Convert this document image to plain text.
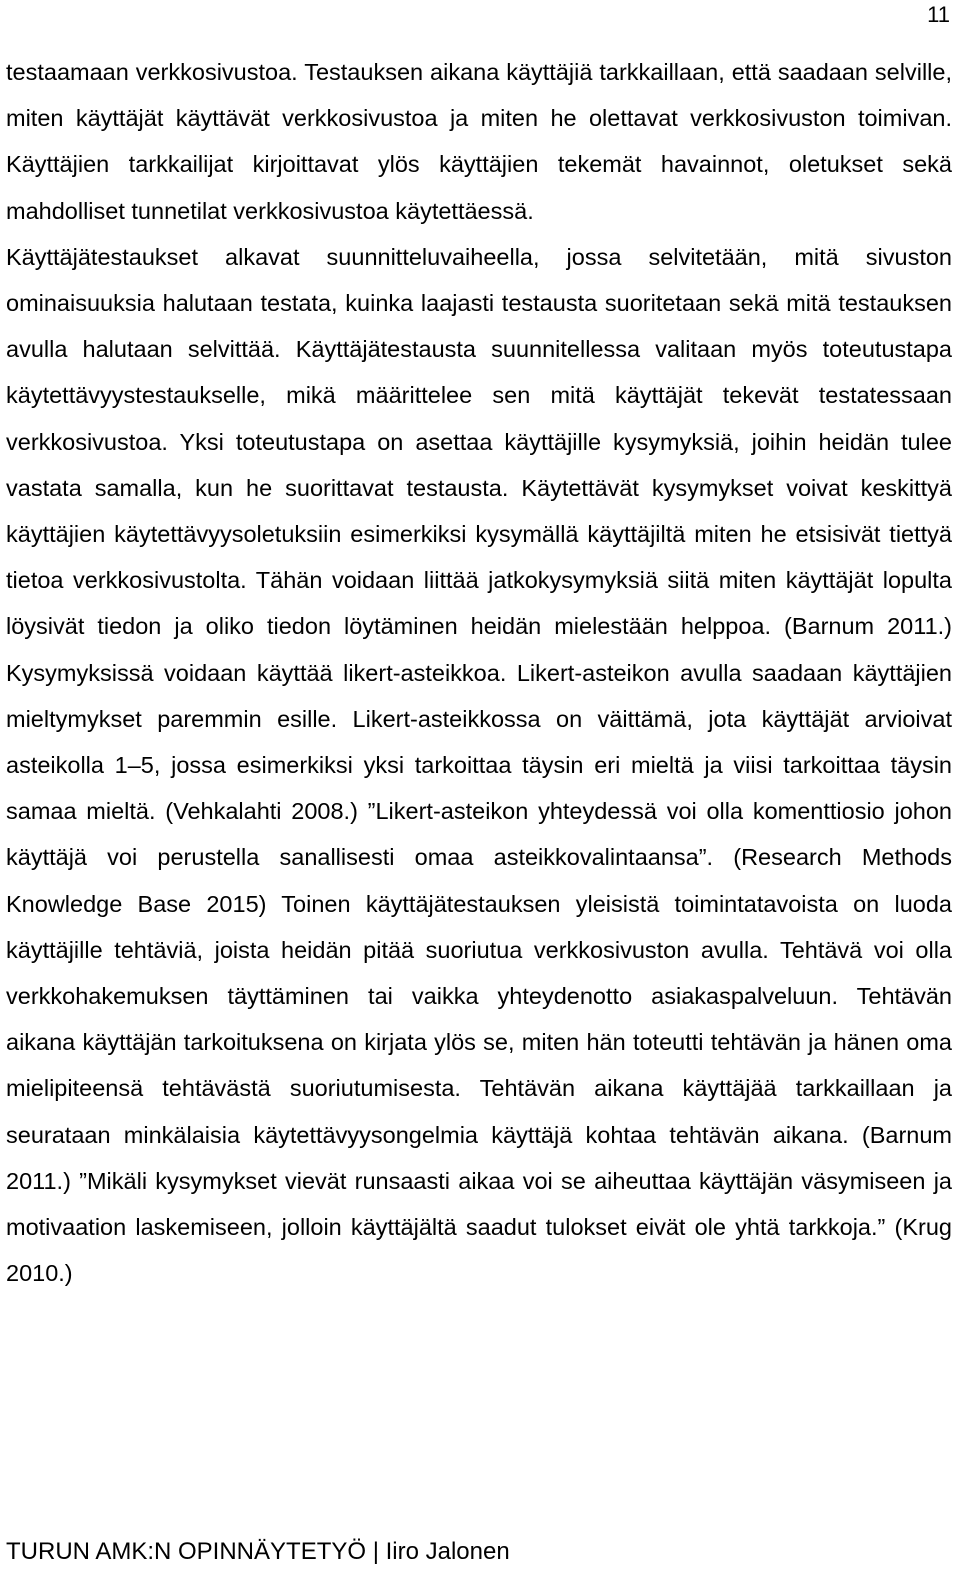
11

testaamaan verkkosivustoa. Testauksen aikana käyttäjiä tarkkaillaan, että saadaan selville, miten käyttäjät käyttävät verkkosivustoa ja miten he olettavat verkkosivuston toimivan. Käyttäjien tarkkailijat kirjoittavat ylös käyttäjien tekemät havainnot, oletukset sekä mahdolliset tunnetilat verkkosivustoa käytettäessä.

Käyttäjätestaukset alkavat suunnitteluvaiheella, jossa selvitetään, mitä sivuston ominaisuuksia halutaan testata, kuinka laajasti testausta suoritetaan sekä mitä testauksen avulla halutaan selvittää. Käyttäjätestausta suunnitellessa valitaan myös toteutustapa käytettävyystestaukselle, mikä määrittelee sen mitä käyttäjät tekevät testatessaan verkkosivustoa. Yksi toteutustapa on asettaa käyttäjille kysymyksiä, joihin heidän tulee vastata samalla, kun he suorittavat testausta. Käytettävät kysymykset voivat keskittyä käyttäjien käytettävyysoletuksiin esimerkiksi kysymällä käyttäjiltä miten he etsisivät tiettyä tietoa verkkosivustolta. Tähän voidaan liittää jatkokysymyksiä siitä miten käyttäjät lopulta löysivät tiedon ja oliko tiedon löytäminen heidän mielestään helppoa. (Barnum 2011.) Kysymyksissä voidaan käyttää likert-asteikkoa. Likert-asteikon avulla saadaan käyttäjien mieltymykset paremmin esille. Likert-asteikkossa on väittämä, jota käyttäjät arvioivat asteikolla 1–5, jossa esimerkiksi yksi tarkoittaa täysin eri mieltä ja viisi tarkoittaa täysin samaa mieltä. (Vehkalahti 2008.) ”Likert-asteikon yhteydessä voi olla komenttiosio johon käyttäjä voi perustella sanallisesti omaa asteikkovalintaansa”. (Research Methods Knowledge Base 2015) Toinen käyttäjätestauksen yleisistä toimintatavoista on luoda käyttäjille tehtäviä, joista heidän pitää suoriutua verkkosivuston avulla. Tehtävä voi olla verkkohakemuksen täyttäminen tai vaikka yhteydenotto asiakaspalveluun. Tehtävän aikana käyttäjän tarkoituksena on kirjata ylös se, miten hän toteutti tehtävän ja hänen oma mielipiteensä tehtävästä suoriutumisesta. Tehtävän aikana käyttäjää tarkkaillaan ja seurataan minkälaisia käytettävyysongelmia käyttäjä kohtaa tehtävän aikana. (Barnum 2011.) ”Mikäli kysymykset vievät runsaasti aikaa voi se aiheuttaa käyttäjän väsymiseen ja motivaation laskemiseen, jolloin käyttäjältä saadut tulokset eivät ole yhtä tarkkoja.” (Krug 2010.)

TURUN AMK:N OPINNÄYTETYÖ | Iiro Jalonen
